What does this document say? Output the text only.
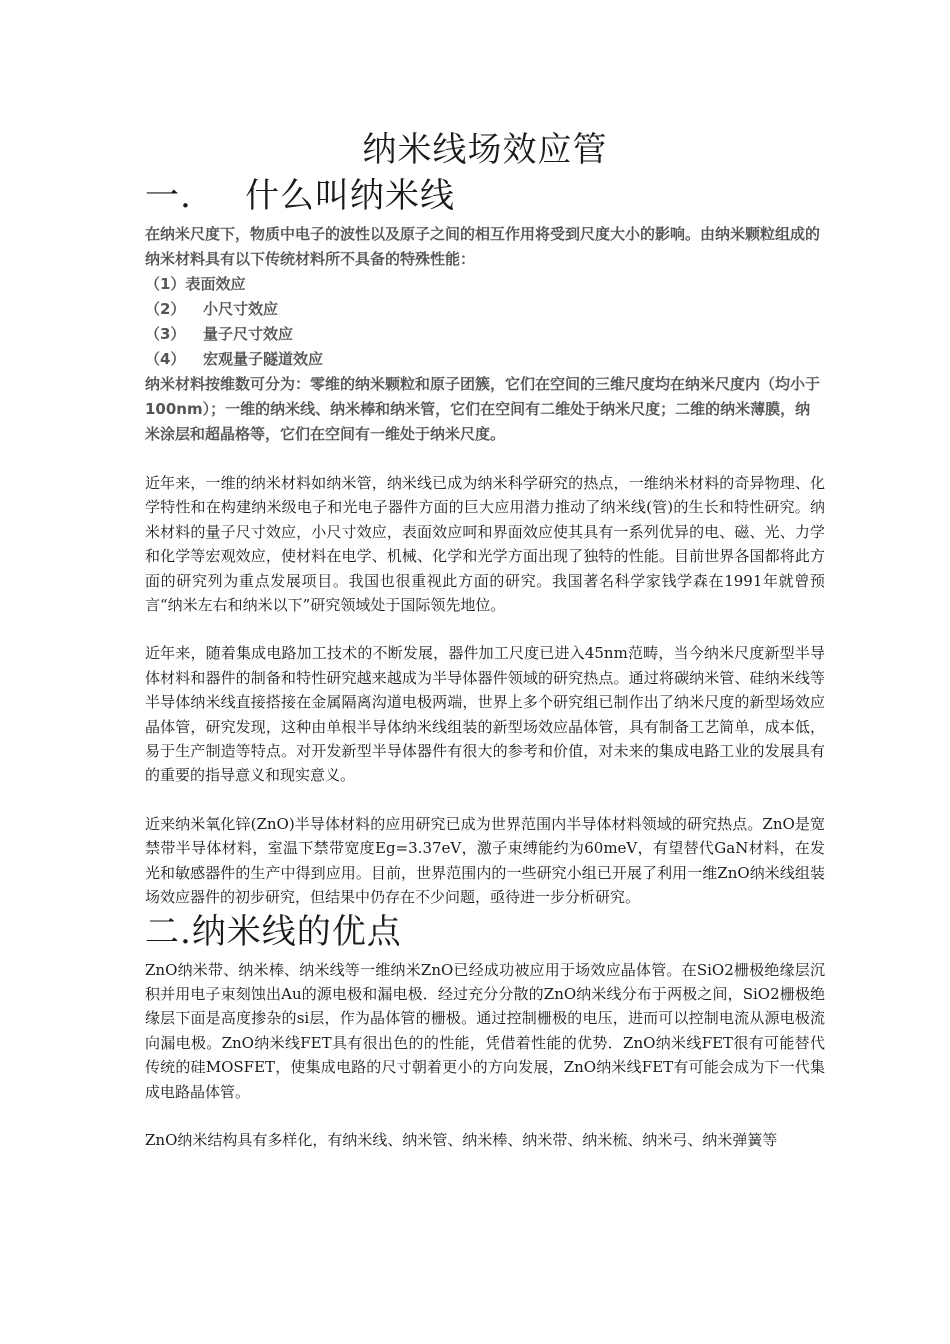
纳米线场效应管
一. 什么叫纳米线

在纳米尺度下，物质中电子的波性以及原子之间的相互作用将受到尺度大小的影响。由纳米颗粒组成的纳米材料具有以下传统材料所不具备的特殊性能：

（1）表面效应

（2） 小尺寸效应

（3） 量子尺寸效应

（4） 宏观量子隧道效应

纳米材料按维数可分为：零维的纳米颗粒和原子团簇，它们在空间的三维尺度均在纳米尺度内（均小于100nm）；一维的纳米线、纳米棒和纳米管，它们在空间有二维处于纳米尺度；二维的纳米薄膜，纳米涂层和超晶格等，它们在空间有一维处于纳米尺度。

近年来，一维的纳米材料如纳米管，纳米线已成为纳米科学研究的热点，一维纳米材料的奇异物理、化学特性和在构建纳米级电子和光电子器件方面的巨大应用潜力推动了纳米线(管)的生长和特性研究。纳米材料的量子尺寸效应，小尺寸效应，表面效应呵和界面效应使其具有一系列优异的电、磁、光、力学和化学等宏观效应，使材料在电学、机械、化学和光学方面出现了独特的性能。目前世界各国都将此方面的研究列为重点发展项目。我国也很重视此方面的研究。我国著名科学家钱学森在1991年就曾预言“纳米左右和纳米以下”研究领域处于国际领先地位。

近年来，随着集成电路加工技术的不断发展，器件加工尺度已进入45nm范畴，当今纳米尺度新型半导体材料和器件的制备和特性研究越来越成为半导体器件领域的研究热点。通过将碳纳米管、硅纳米线等半导体纳米线直接搭接在金属隔离沟道电极两端，世界上多个研究组已制作出了纳米尺度的新型场效应晶体管，研究发现，这种由单根半导体纳米线组装的新型场效应晶体管，具有制备工艺简单，成本低，易于生产制造等特点。对开发新型半导体器件有很大的参考和价值，对未来的集成电路工业的发展具有的重要的指导意义和现实意义。

近来纳米氧化锌(ZnO)半导体材料的应用研究已成为世界范围内半导体材料领域的研究热点。ZnO是宽禁带半导体材料，室温下禁带宽度Eg=3.37eV，激子束缚能约为60meV，有望替代GaN材料，在发光和敏感器件的生产中得到应用。目前，世界范围内的一些研究小组已开展了利用一维ZnO纳米线组装场效应器件的初步研究，但结果中仍存在不少问题，亟待进一步分析研究。

二.纳米线的优点

ZnO纳米带、纳米棒、纳米线等一维纳米ZnO已经成功被应用于场效应晶体管。在SiO2栅极绝缘层沉积并用电子束刻蚀出Au的源电极和漏电极．经过充分分散的ZnO纳米线分布于两极之间，SiO2栅极绝缘层下面是高度掺杂的si层，作为晶体管的栅极。通过控制栅极的电压，进而可以控制电流从源电极流向漏电极。ZnO纳米线FET具有很出色的的性能，凭借着性能的优势．ZnO纳米线FET很有可能替代传统的硅MOSFET，使集成电路的尺寸朝着更小的方向发展，ZnO纳米线FET有可能会成为下一代集成电路晶体管。

ZnO纳米结构具有多样化，有纳米线、纳米管、纳米棒、纳米带、纳米梳、纳米弓、纳米弹簧等
